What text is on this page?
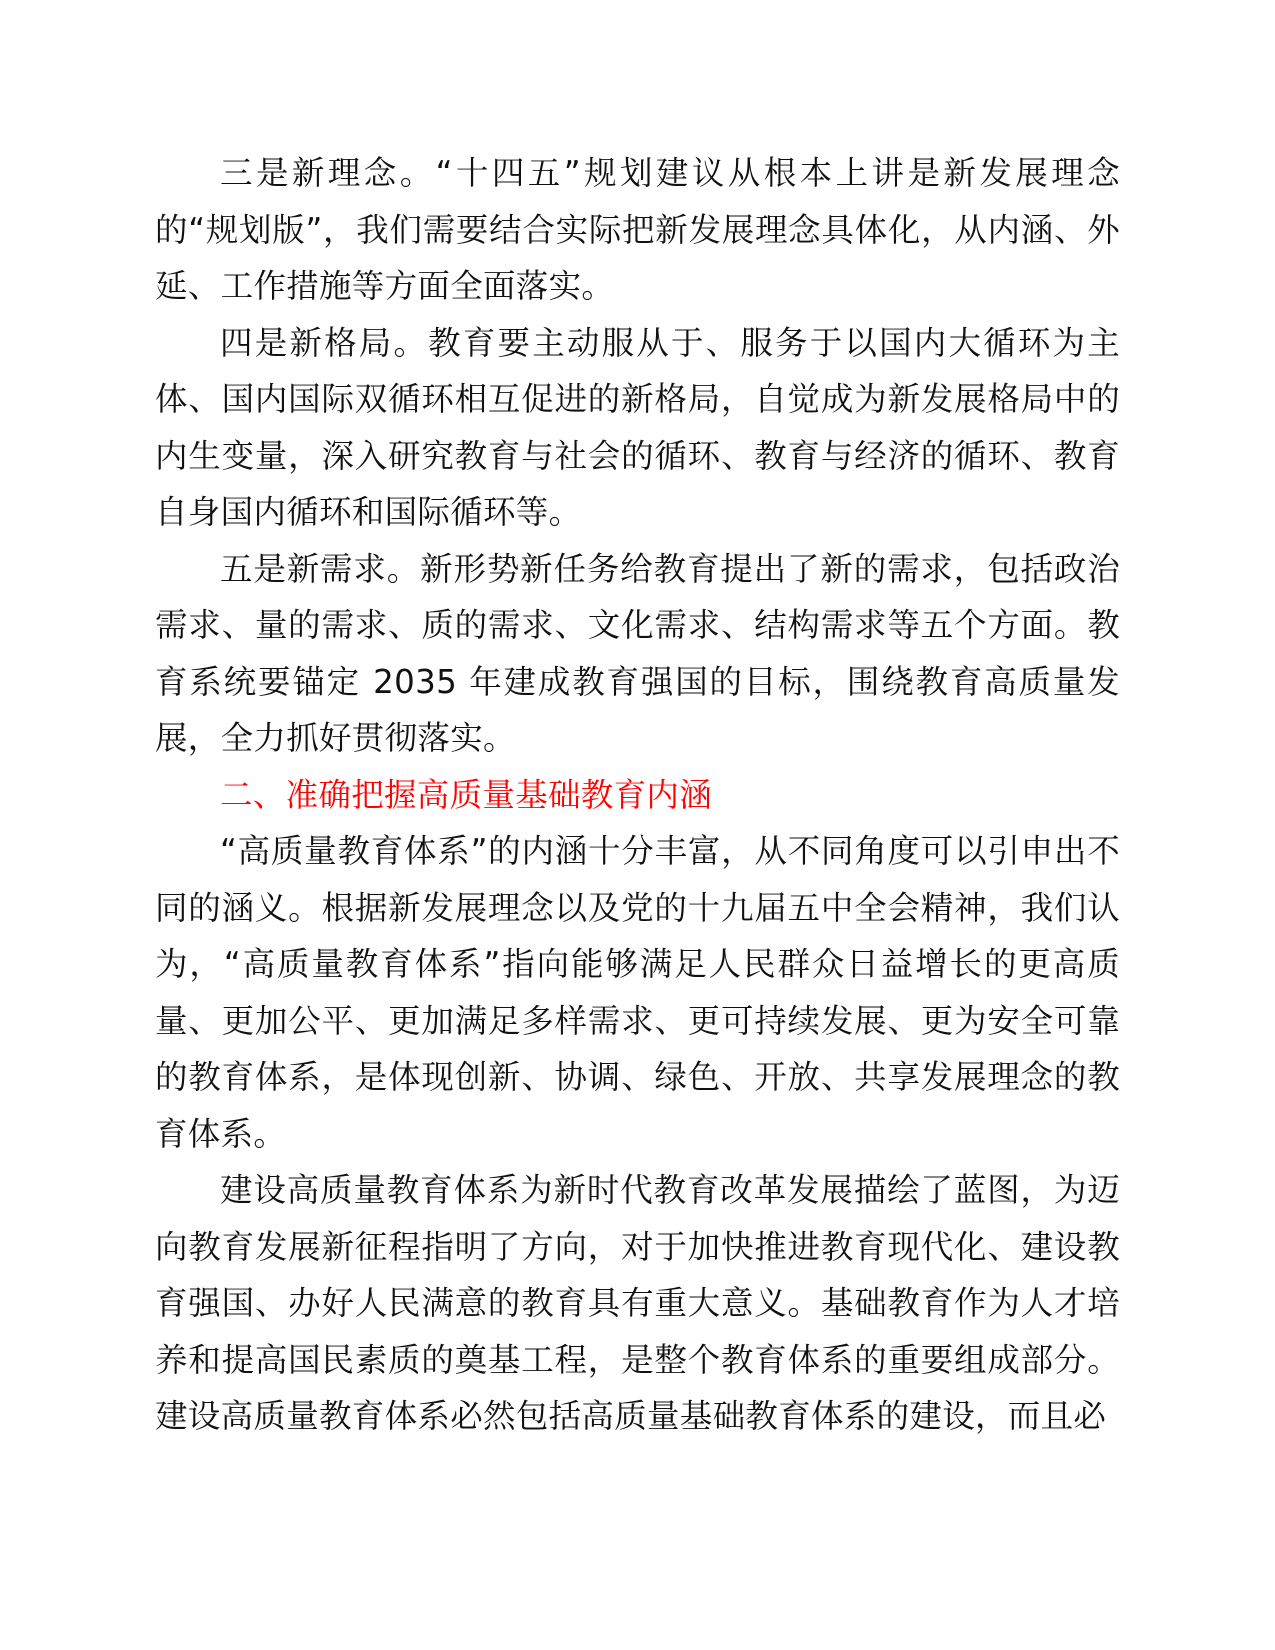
三是新理念。“十四五”规划建议从根本上讲是新发展理念的“规划版”，我们需要结合实际把新发展理念具体化，从内涵、外延、工作措施等方面全面落实。

四是新格局。教育要主动服从于、服务于以国内大循环为主体、国内国际双循环相互促进的新格局，自觉成为新发展格局中的内生变量，深入研究教育与社会的循环、教育与经济的循环、教育自身国内循环和国际循环等。

五是新需求。新形势新任务给教育提出了新的需求，包括政治需求、量的需求、质的需求、文化需求、结构需求等五个方面。教育系统要锚定 2035 年建成教育强国的目标，围绕教育高质量发展，全力抓好贯彻落实。

二、准确把握高质量基础教育内涵

“高质量教育体系”的内涵十分丰富，从不同角度可以引申出不同的涵义。根据新发展理念以及党的十九届五中全会精神，我们认为，“高质量教育体系”指向能够满足人民群众日益增长的更高质量、更加公平、更加满足多样需求、更可持续发展、更为安全可靠的教育体系，是体现创新、协调、绿色、开放、共享发展理念的教育体系。

建设高质量教育体系为新时代教育改革发展描绘了蓝图，为迈向教育发展新征程指明了方向，对于加快推进教育现代化、建设教育强国、办好人民满意的教育具有重大意义。基础教育作为人才培养和提高国民素质的奠基工程，是整个教育体系的重要组成部分。建设高质量教育体系必然包括高质量基础教育体系的建设，而且必
